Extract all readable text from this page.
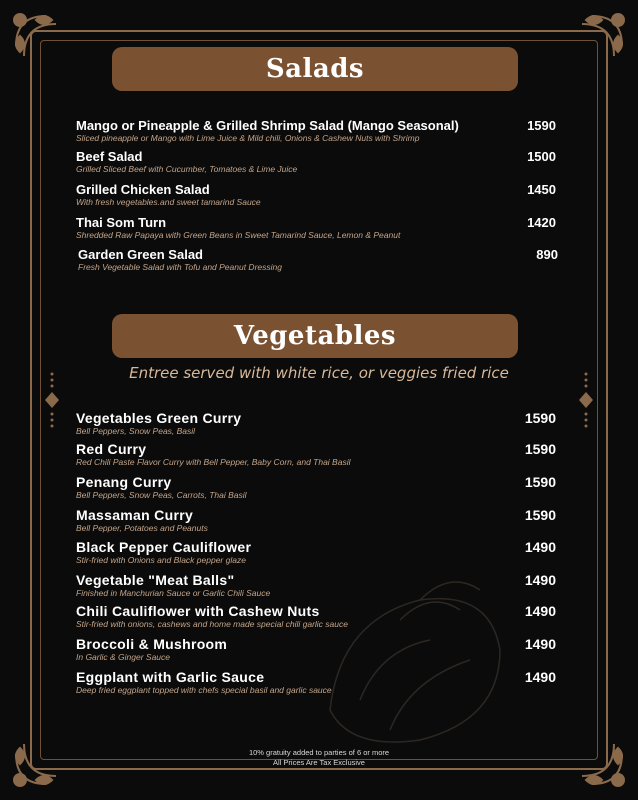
Salads
Mango or Pineapple & Grilled Shrimp Salad (Mango Seasonal)
Sliced pineapple or Mango with Lime Juice & Mild chili, Onions & Cashew Nuts with Shrimp
1590
Beef Salad
Grilled Sliced Beef with Cucumber, Tomatoes & Lime Juice
1500
Grilled Chicken Salad
With fresh vegetables.and sweet tamarind Sauce
1450
Thai Som Turn
Shredded Raw Papaya with Green Beans in Sweet Tamarind Sauce, Lemon & Peanut
1420
Garden Green Salad
Fresh Vegetable Salad with Tofu and Peanut Dressing
890
Vegetables
Entree served with white rice, or veggies fried rice
Vegetables Green Curry
Bell Peppers, Snow Peas, Basil
1590
Red Curry
Red Chili Paste Flavor Curry with Bell Pepper, Baby Corn, and Thai Basil
1590
Penang Curry
Bell Peppers, Snow Peas, Carrots, Thai Basil
1590
Massaman Curry
Bell Pepper, Potatoes and Peanuts
1590
Black Pepper Cauliflower
Stir-fried with Onions and Black pepper glaze
1490
Vegetable "Meat Balls"
Finished in Manchurian Sauce or Garlic Chili Sauce
1490
Chili Cauliflower with Cashew Nuts
Stir-fried with onions, cashews and home made special chili garlic sauce
1490
Broccoli & Mushroom
In Garlic & Ginger Sauce
1490
Eggplant with Garlic Sauce
Deep fried eggplant topped with chefs special basil and garlic sauce
1490
10% gratuity added to parties of 6 or more
All Prices Are Tax Exclusive
